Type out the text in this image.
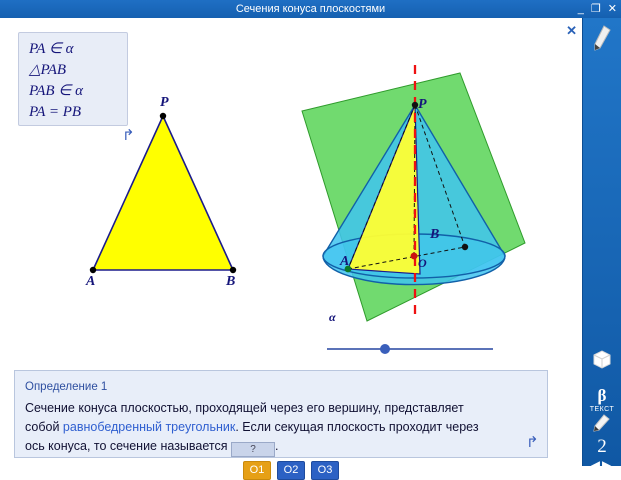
Сечения конуса плоскостями	_ ❐ ✕
✕
PA ∈ α
△PAB
PAB ∈ α
PA = PB
↰
P
A	B
P
A
B
O
α
Определение 1
Сечение конуса плоскостью, проходящей через его вершину, представляет
собой равнобедренный треугольник. Если секущая плоскость проходит через
ось конуса, то сечение называется ? .	↰
О1	О2	О3
β
ТЕКСТ
2
◀▶
